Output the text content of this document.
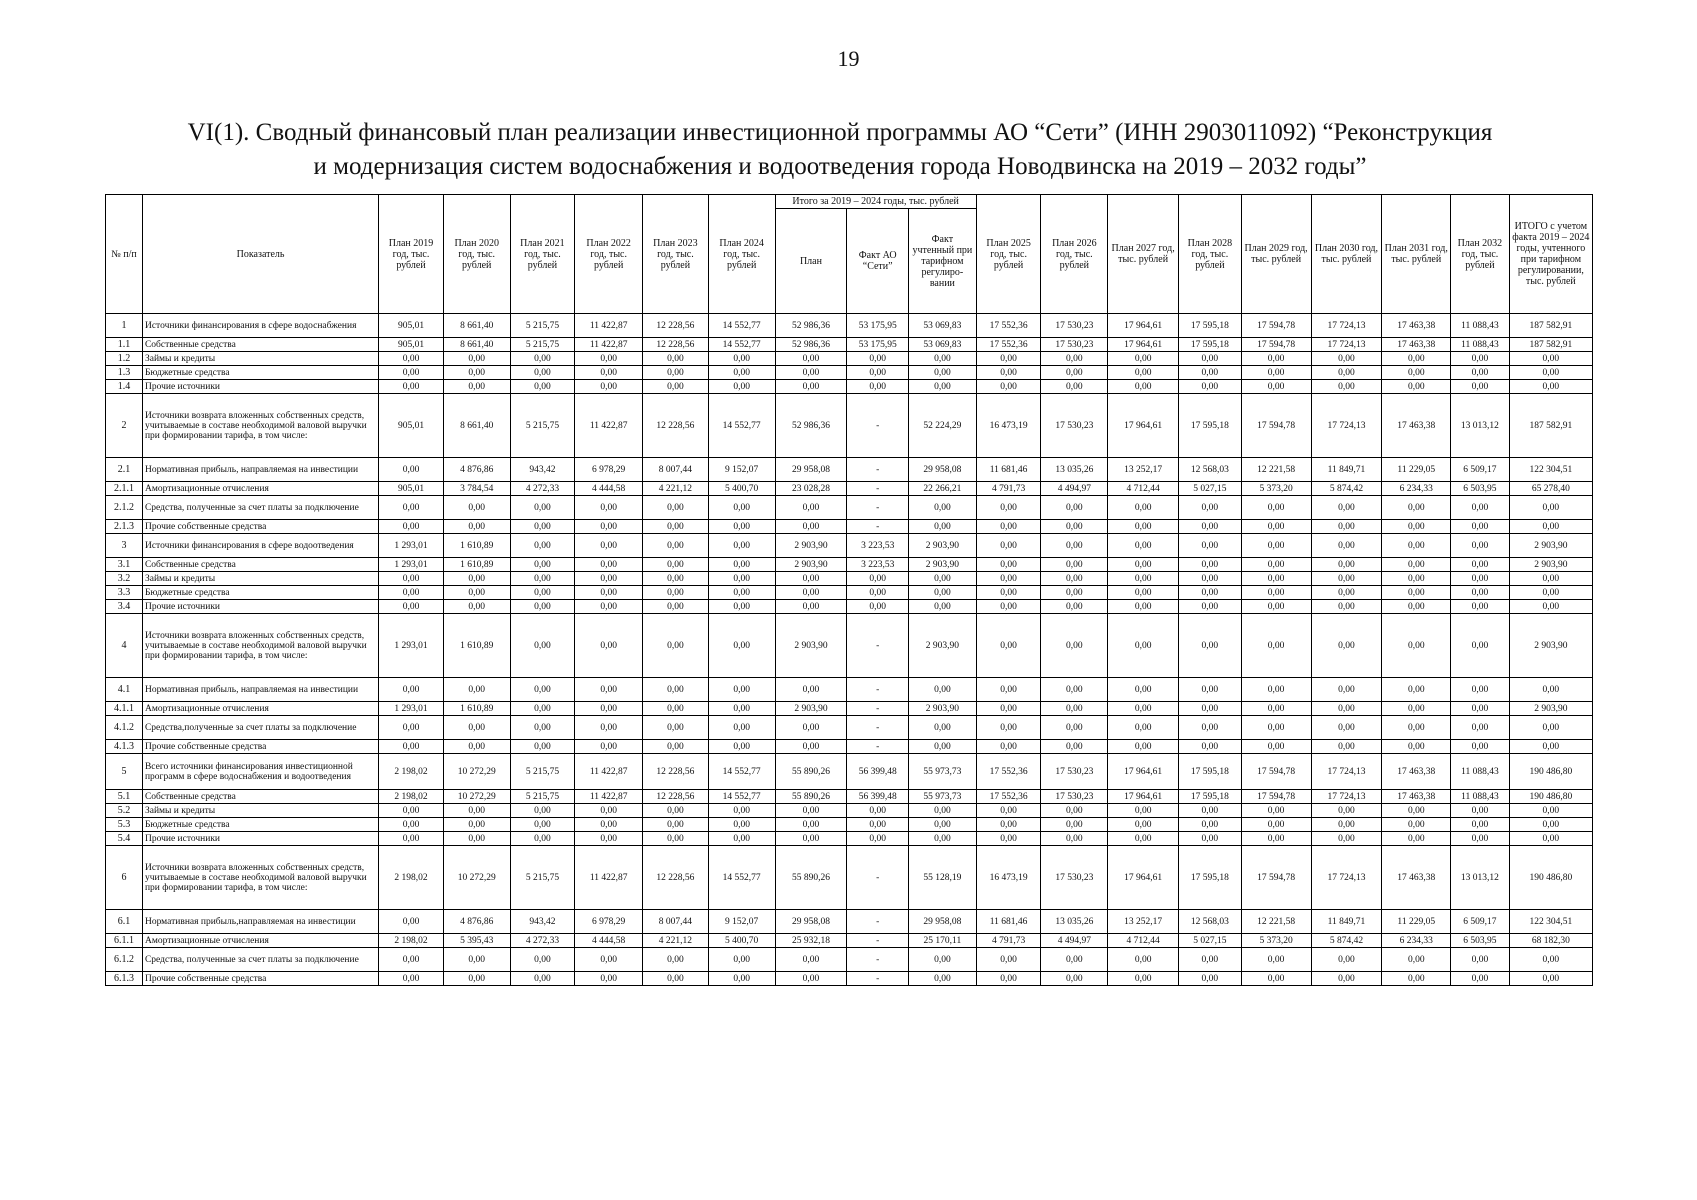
19
VI(1). Сводный финансовый план реализации инвестиционной программы АО “Сети” (ИНН 2903011092) “Реконструкция
и модернизация систем водоснабжения и водоотведения города Новодвинска на 2019 – 2032 годы”
№ п/п	Показатель	План 2019 год, тыс. рублей	План 2020 год, тыс. рублей	План 2021 год, тыс. рублей	План 2022 год, тыс. рублей	План 2023 год, тыс. рублей	План 2024 год, тыс. рублей	Итого за 2019 – 2024 годы, тыс. рублей			План 2025 год, тыс. рублей	План 2026 год, тыс. рублей	План 2027 год, тыс. рублей	План 2028 год, тыс. рублей	План 2029 год, тыс. рублей	План 2030 год, тыс. рублей	План 2031 год, тыс. рублей	План 2032 год, тыс. рублей	ИТОГО с учетом факта 2019 – 2024 годы, учтенного при тарифном регулировании, тыс. рублей
								План	Факт АО “Сети”	Факт учтенный при тарифном регулиро-вании									
1	Источники финансирования в сфере водоснабжения	905,01	8 661,40	5 215,75	11 422,87	12 228,56	14 552,77	52 986,36	53 175,95	53 069,83	17 552,36	17 530,23	17 964,61	17 595,18	17 594,78	17 724,13	17 463,38	11 088,43	187 582,91
1.1	Собственные средства	905,01	8 661,40	5 215,75	11 422,87	12 228,56	14 552,77	52 986,36	53 175,95	53 069,83	17 552,36	17 530,23	17 964,61	17 595,18	17 594,78	17 724,13	17 463,38	11 088,43	187 582,91
1.2	Займы и кредиты	0,00	0,00	0,00	0,00	0,00	0,00	0,00	0,00	0,00	0,00	0,00	0,00	0,00	0,00	0,00	0,00	0,00	0,00
1.3	Бюджетные средства	0,00	0,00	0,00	0,00	0,00	0,00	0,00	0,00	0,00	0,00	0,00	0,00	0,00	0,00	0,00	0,00	0,00	0,00
1.4	Прочие источники	0,00	0,00	0,00	0,00	0,00	0,00	0,00	0,00	0,00	0,00	0,00	0,00	0,00	0,00	0,00	0,00	0,00	0,00
2	Источники возврата вложенных собственных средств, учитываемые в составе необходимой валовой выручки при формировании тарифа, в том числе:	905,01	8 661,40	5 215,75	11 422,87	12 228,56	14 552,77	52 986,36	-	52 224,29	16 473,19	17 530,23	17 964,61	17 595,18	17 594,78	17 724,13	17 463,38	13 013,12	187 582,91
2.1	Нормативная прибыль, направляемая на инвестиции	0,00	4 876,86	943,42	6 978,29	8 007,44	9 152,07	29 958,08	-	29 958,08	11 681,46	13 035,26	13 252,17	12 568,03	12 221,58	11 849,71	11 229,05	6 509,17	122 304,51
2.1.1	Амортизационные отчисления	905,01	3 784,54	4 272,33	4 444,58	4 221,12	5 400,70	23 028,28	-	22 266,21	4 791,73	4 494,97	4 712,44	5 027,15	5 373,20	5 874,42	6 234,33	6 503,95	65 278,40
2.1.2	Средства, полученные за счет платы за подключение	0,00	0,00	0,00	0,00	0,00	0,00	0,00	-	0,00	0,00	0,00	0,00	0,00	0,00	0,00	0,00	0,00	0,00
2.1.3	Прочие собственные средства	0,00	0,00	0,00	0,00	0,00	0,00	0,00	-	0,00	0,00	0,00	0,00	0,00	0,00	0,00	0,00	0,00	0,00
3	Источники финансирования в сфере водоотведения	1 293,01	1 610,89	0,00	0,00	0,00	0,00	2 903,90	3 223,53	2 903,90	0,00	0,00	0,00	0,00	0,00	0,00	0,00	0,00	2 903,90
3.1	Собственные средства	1 293,01	1 610,89	0,00	0,00	0,00	0,00	2 903,90	3 223,53	2 903,90	0,00	0,00	0,00	0,00	0,00	0,00	0,00	0,00	2 903,90
3.2	Займы и кредиты	0,00	0,00	0,00	0,00	0,00	0,00	0,00	0,00	0,00	0,00	0,00	0,00	0,00	0,00	0,00	0,00	0,00	0,00
3.3	Бюджетные средства	0,00	0,00	0,00	0,00	0,00	0,00	0,00	0,00	0,00	0,00	0,00	0,00	0,00	0,00	0,00	0,00	0,00	0,00
3.4	Прочие источники	0,00	0,00	0,00	0,00	0,00	0,00	0,00	0,00	0,00	0,00	0,00	0,00	0,00	0,00	0,00	0,00	0,00	0,00
4	Источники возврата вложенных собственных средств, учитываемые в составе необходимой валовой выручки при формировании тарифа, в том числе:	1 293,01	1 610,89	0,00	0,00	0,00	0,00	2 903,90	-	2 903,90	0,00	0,00	0,00	0,00	0,00	0,00	0,00	0,00	2 903,90
4.1	Нормативная прибыль, направляемая на инвестиции	0,00	0,00	0,00	0,00	0,00	0,00	0,00	-	0,00	0,00	0,00	0,00	0,00	0,00	0,00	0,00	0,00	0,00
4.1.1	Амортизационные отчисления	1 293,01	1 610,89	0,00	0,00	0,00	0,00	2 903,90	-	2 903,90	0,00	0,00	0,00	0,00	0,00	0,00	0,00	0,00	2 903,90
4.1.2	Средства,полученные за счет платы за подключение	0,00	0,00	0,00	0,00	0,00	0,00	0,00	-	0,00	0,00	0,00	0,00	0,00	0,00	0,00	0,00	0,00	0,00
4.1.3	Прочие собственные средства	0,00	0,00	0,00	0,00	0,00	0,00	0,00	-	0,00	0,00	0,00	0,00	0,00	0,00	0,00	0,00	0,00	0,00
5	Всего источники финансирования инвестиционной программ в сфере водоснабжения и водоотведения	2 198,02	10 272,29	5 215,75	11 422,87	12 228,56	14 552,77	55 890,26	56 399,48	55 973,73	17 552,36	17 530,23	17 964,61	17 595,18	17 594,78	17 724,13	17 463,38	11 088,43	190 486,80
5.1	Собственные средства	2 198,02	10 272,29	5 215,75	11 422,87	12 228,56	14 552,77	55 890,26	56 399,48	55 973,73	17 552,36	17 530,23	17 964,61	17 595,18	17 594,78	17 724,13	17 463,38	11 088,43	190 486,80
5.2	Займы и кредиты	0,00	0,00	0,00	0,00	0,00	0,00	0,00	0,00	0,00	0,00	0,00	0,00	0,00	0,00	0,00	0,00	0,00	0,00
5.3	Бюджетные средства	0,00	0,00	0,00	0,00	0,00	0,00	0,00	0,00	0,00	0,00	0,00	0,00	0,00	0,00	0,00	0,00	0,00	0,00
5.4	Прочие источники	0,00	0,00	0,00	0,00	0,00	0,00	0,00	0,00	0,00	0,00	0,00	0,00	0,00	0,00	0,00	0,00	0,00	0,00
6	Источники возврата вложенных собственных средств, учитываемые в составе необходимой валовой выручки при формировании тарифа, в том числе:	2 198,02	10 272,29	5 215,75	11 422,87	12 228,56	14 552,77	55 890,26	-	55 128,19	16 473,19	17 530,23	17 964,61	17 595,18	17 594,78	17 724,13	17 463,38	13 013,12	190 486,80
6.1	Нормативная прибыль,направляемая на инвестиции	0,00	4 876,86	943,42	6 978,29	8 007,44	9 152,07	29 958,08	-	29 958,08	11 681,46	13 035,26	13 252,17	12 568,03	12 221,58	11 849,71	11 229,05	6 509,17	122 304,51
6.1.1	Амортизационные отчисления	2 198,02	5 395,43	4 272,33	4 444,58	4 221,12	5 400,70	25 932,18	-	25 170,11	4 791,73	4 494,97	4 712,44	5 027,15	5 373,20	5 874,42	6 234,33	6 503,95	68 182,30
6.1.2	Средства, полученные за счет платы за подключение	0,00	0,00	0,00	0,00	0,00	0,00	0,00	-	0,00	0,00	0,00	0,00	0,00	0,00	0,00	0,00	0,00	0,00
6.1.3	Прочие собственные средства	0,00	0,00	0,00	0,00	0,00	0,00	0,00	-	0,00	0,00	0,00	0,00	0,00	0,00	0,00	0,00	0,00	0,00
